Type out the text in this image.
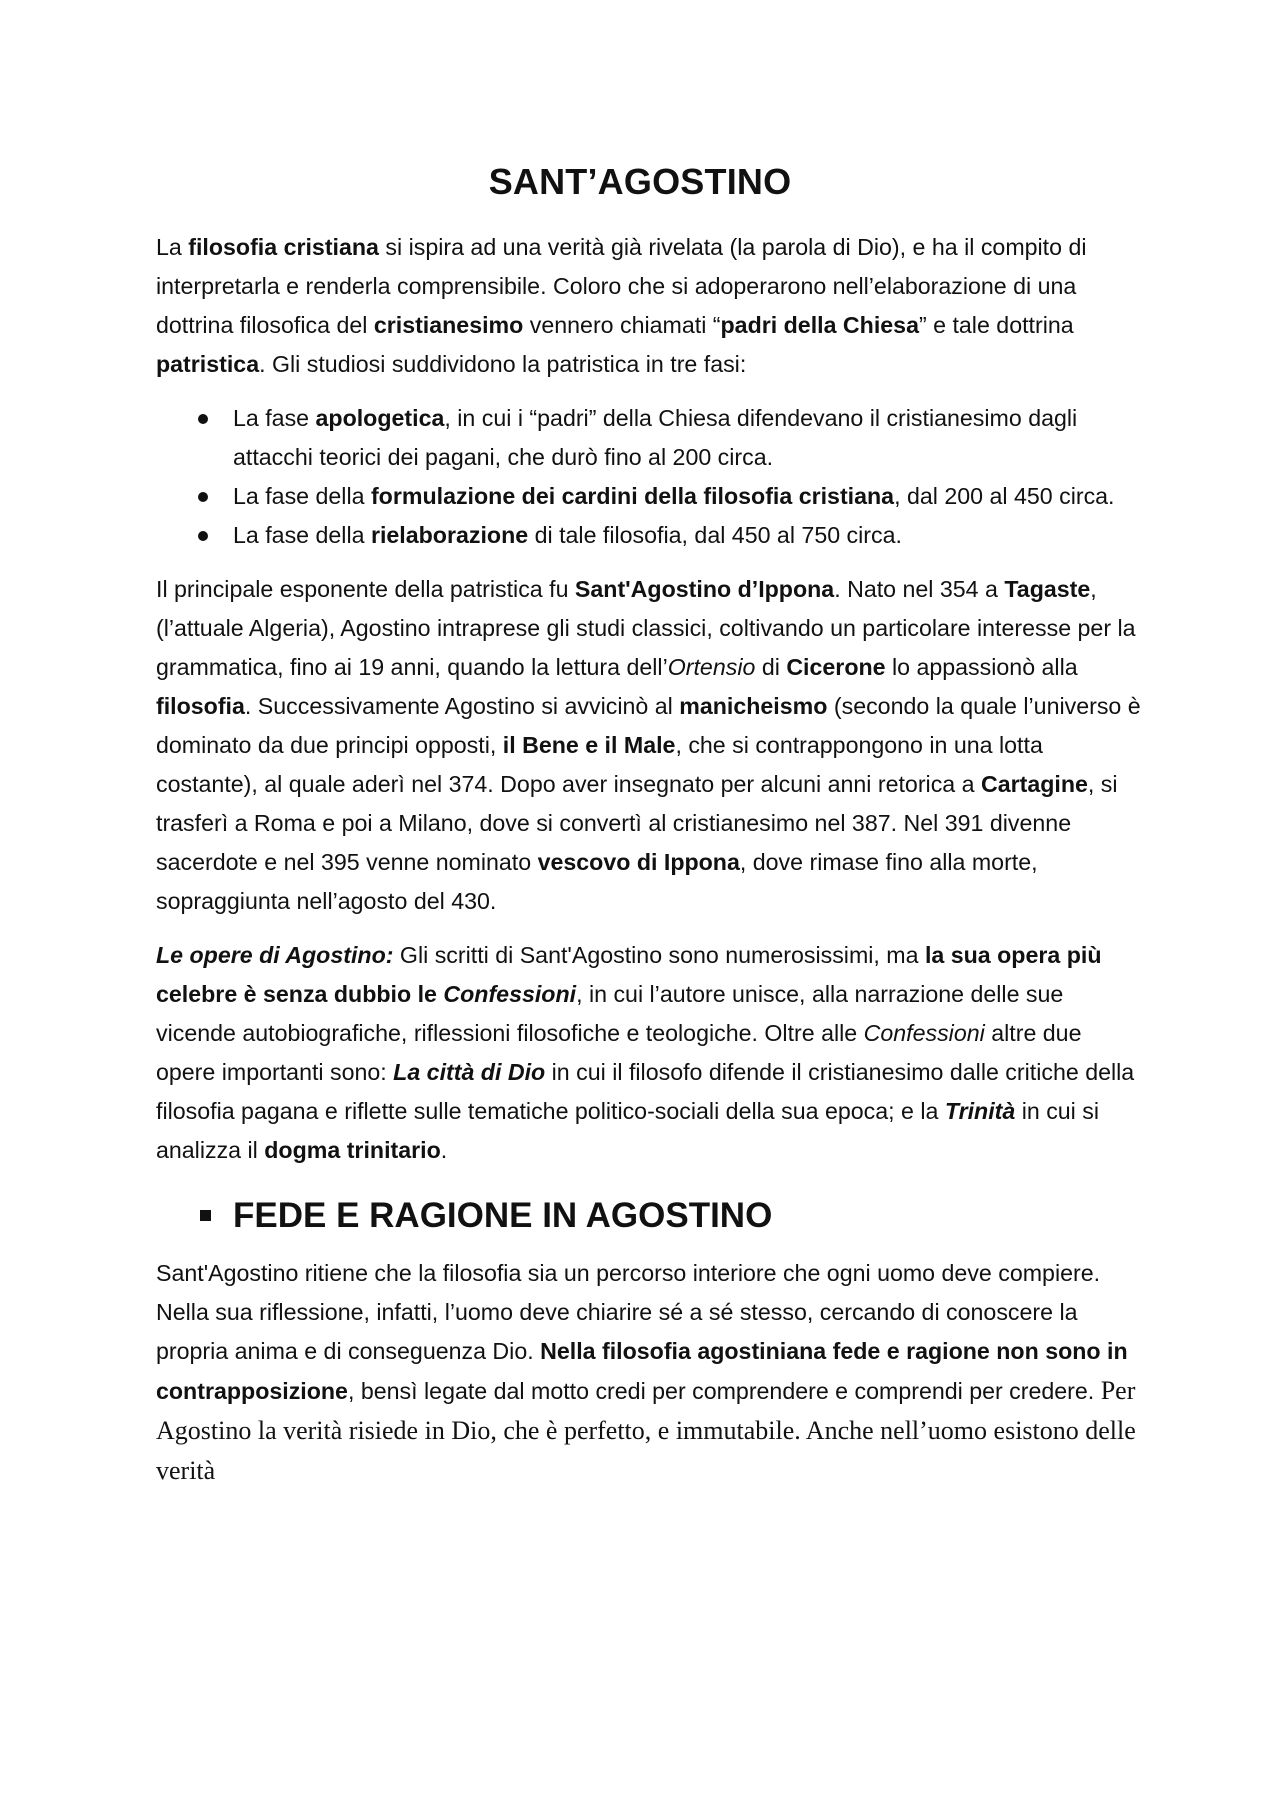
SANT’AGOSTINO

La filosofia cristiana si ispira ad una verità già rivelata (la parola di Dio), e ha il compito di interpretarla e renderla comprensibile. Coloro che si adoperarono nell’elaborazione di una dottrina filosofica del cristianesimo vennero chiamati “padri della Chiesa” e tale dottrina patristica. Gli studiosi suddividono la patristica in tre fasi:

La fase apologetica, in cui i “padri” della Chiesa difendevano il cristianesimo dagli attacchi teorici dei pagani, che durò fino al 200 circa.
La fase della formulazione dei cardini della filosofia cristiana, dal 200 al 450 circa.
La fase della rielaborazione di tale filosofia, dal 450 al 750 circa.

Il principale esponente della patristica fu Sant'Agostino d’Ippona. Nato nel 354 a Tagaste, (l’attuale Algeria), Agostino intraprese gli studi classici, coltivando un particolare interesse per la grammatica, fino ai 19 anni, quando la lettura dell’Ortensio di Cicerone lo appassionò alla filosofia. Successivamente Agostino si avvicinò al manicheismo (secondo la quale l’universo è dominato da due principi opposti, il Bene e il Male, che si contrappongono in una lotta costante), al quale aderì nel 374. Dopo aver insegnato per alcuni anni retorica a Cartagine, si trasferì a Roma e poi a Milano, dove si convertì al cristianesimo nel 387. Nel 391 divenne sacerdote e nel 395 venne nominato vescovo di Ippona, dove rimase fino alla morte, sopraggiunta nell’agosto del 430.

Le opere di Agostino: Gli scritti di Sant'Agostino sono numerosissimi, ma la sua opera più celebre è senza dubbio le Confessioni, in cui l’autore unisce, alla narrazione delle sue vicende autobiografiche, riflessioni filosofiche e teologiche. Oltre alle Confessioni altre due opere importanti sono: La città di Dio in cui il filosofo difende il cristianesimo dalle critiche della filosofia pagana e riflette sulle tematiche politico-sociali della sua epoca; e la Trinità in cui si analizza il dogma trinitario.

FEDE E RAGIONE IN AGOSTINO

Sant'Agostino ritiene che la filosofia sia un percorso interiore che ogni uomo deve compiere. Nella sua riflessione, infatti, l’uomo deve chiarire sé a sé stesso, cercando di conoscere la propria anima e di conseguenza Dio. Nella filosofia agostiniana fede e ragione non sono in contrapposizione, bensì legate dal motto credi per comprendere e comprendi per credere. Per Agostino la verità risiede in Dio, che è perfetto, e immutabile. Anche nell’uomo esistono delle verità
